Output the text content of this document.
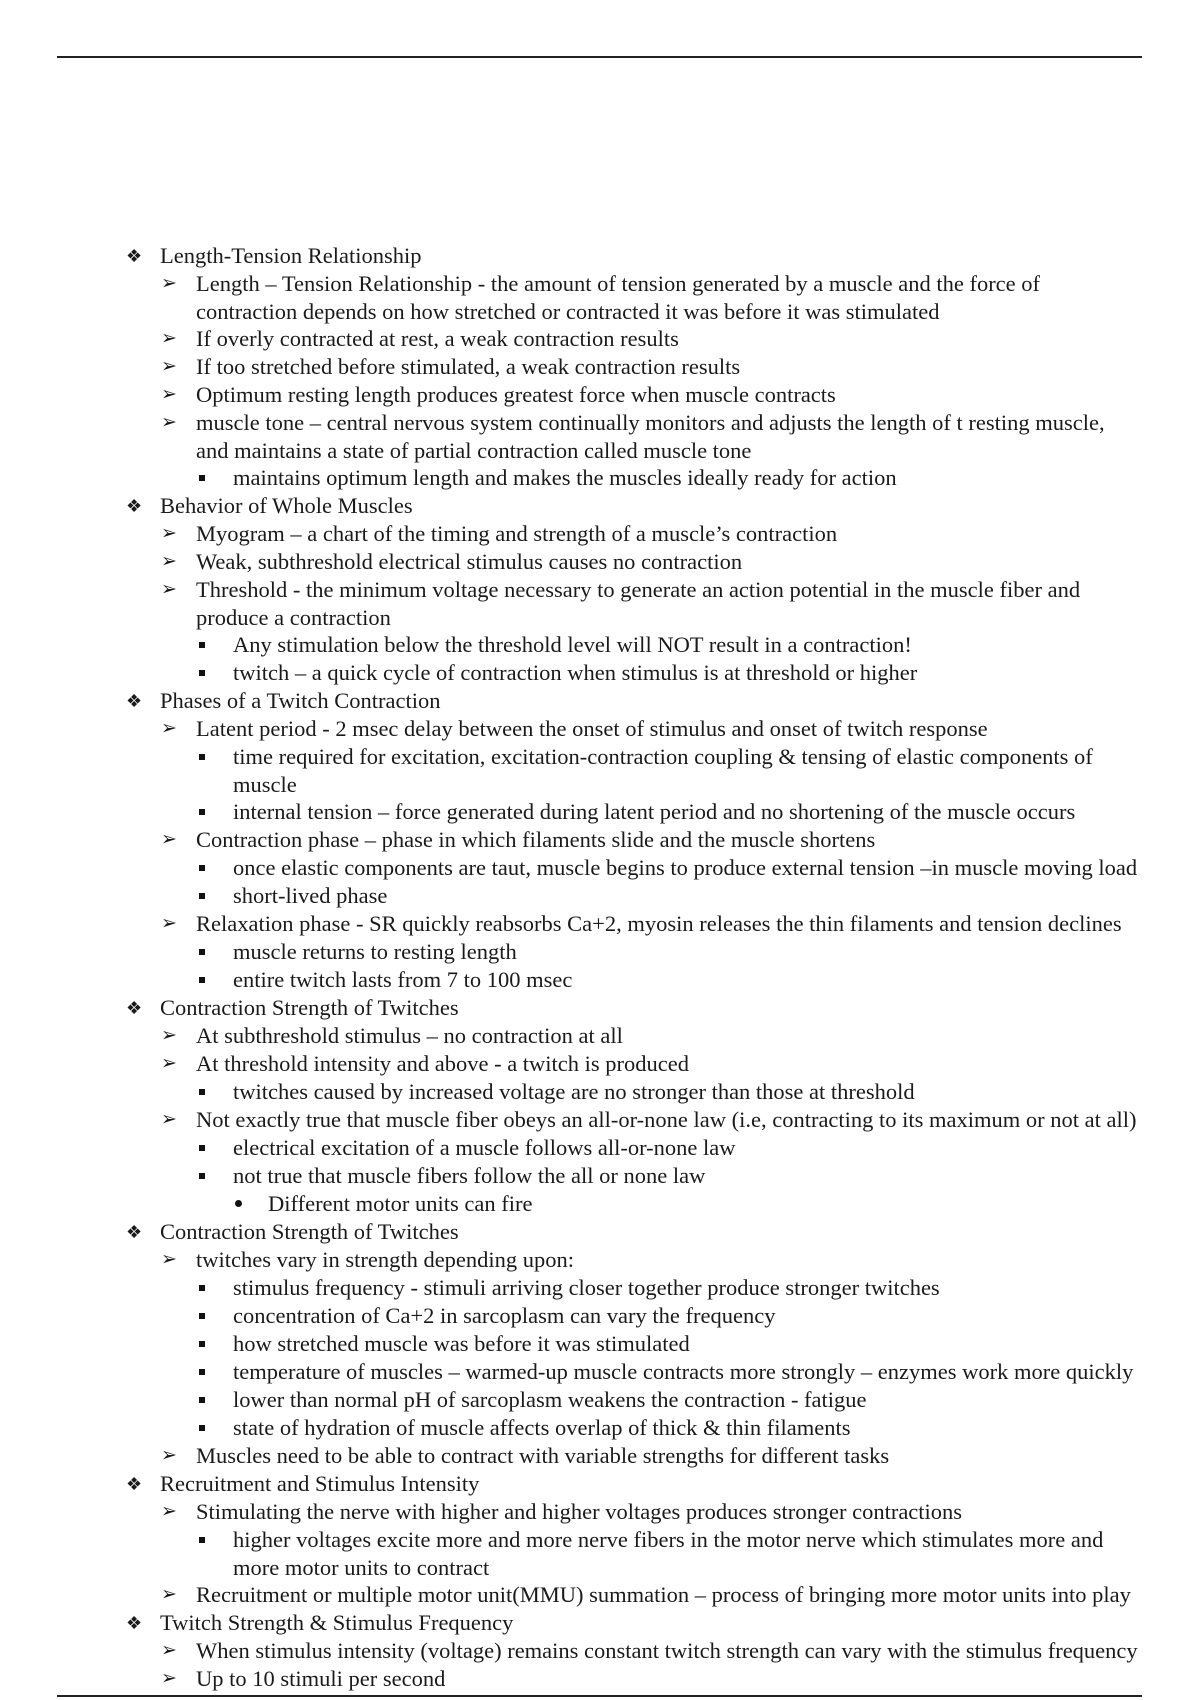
❖ Length-Tension Relationship
➢ Length – Tension Relationship - the amount of tension generated by a muscle and the force of
contraction depends on how stretched or contracted it was before it was stimulated
➢ If overly contracted at rest, a weak contraction results
➢ If too stretched before stimulated, a weak contraction results
➢ Optimum resting length produces greatest force when muscle contracts
➢ muscle tone – central nervous system continually monitors and adjusts the length of t resting muscle,
and maintains a state of partial contraction called muscle tone
maintains optimum length and makes the muscles ideally ready for action
❖ Behavior of Whole Muscles
➢ Myogram – a chart of the timing and strength of a muscle’s contraction
➢ Weak, subthreshold electrical stimulus causes no contraction
➢ Threshold - the minimum voltage necessary to generate an action potential in the muscle fiber and
produce a contraction
Any stimulation below the threshold level will NOT result in a contraction!
twitch – a quick cycle of contraction when stimulus is at threshold or higher
❖ Phases of a Twitch Contraction
➢ Latent period - 2 msec delay between the onset of stimulus and onset of twitch response
time required for excitation, excitation-contraction coupling & tensing of elastic components of
muscle
internal tension – force generated during latent period and no shortening of the muscle occurs
➢ Contraction phase – phase in which filaments slide and the muscle shortens
once elastic components are taut, muscle begins to produce external tension –in muscle moving load
short-lived phase
➢ Relaxation phase - SR quickly reabsorbs Ca+2, myosin releases the thin filaments and tension declines
muscle returns to resting length
entire twitch lasts from 7 to 100 msec
❖ Contraction Strength of Twitches
➢ At subthreshold stimulus – no contraction at all
➢ At threshold intensity and above - a twitch is produced
twitches caused by increased voltage are no stronger than those at threshold
➢ Not exactly true that muscle fiber obeys an all-or-none law (i.e, contracting to its maximum or not at all)
electrical excitation of a muscle follows all-or-none law
not true that muscle fibers follow the all or none law
Different motor units can fire
❖ Contraction Strength of Twitches
➢ twitches vary in strength depending upon:
stimulus frequency - stimuli arriving closer together produce stronger twitches
concentration of Ca+2 in sarcoplasm can vary the frequency
how stretched muscle was before it was stimulated
temperature of muscles – warmed-up muscle contracts more strongly – enzymes work more quickly
lower than normal pH of sarcoplasm weakens the contraction - fatigue
state of hydration of muscle affects overlap of thick & thin filaments
➢ Muscles need to be able to contract with variable strengths for different tasks
❖ Recruitment and Stimulus Intensity
➢ Stimulating the nerve with higher and higher voltages produces stronger contractions
higher voltages excite more and more nerve fibers in the motor nerve which stimulates more and
more motor units to contract
➢ Recruitment or multiple motor unit(MMU) summation – process of bringing more motor units into play
❖ Twitch Strength & Stimulus Frequency
➢ When stimulus intensity (voltage) remains constant twitch strength can vary with the stimulus frequency
➢ Up to 10 stimuli per second
